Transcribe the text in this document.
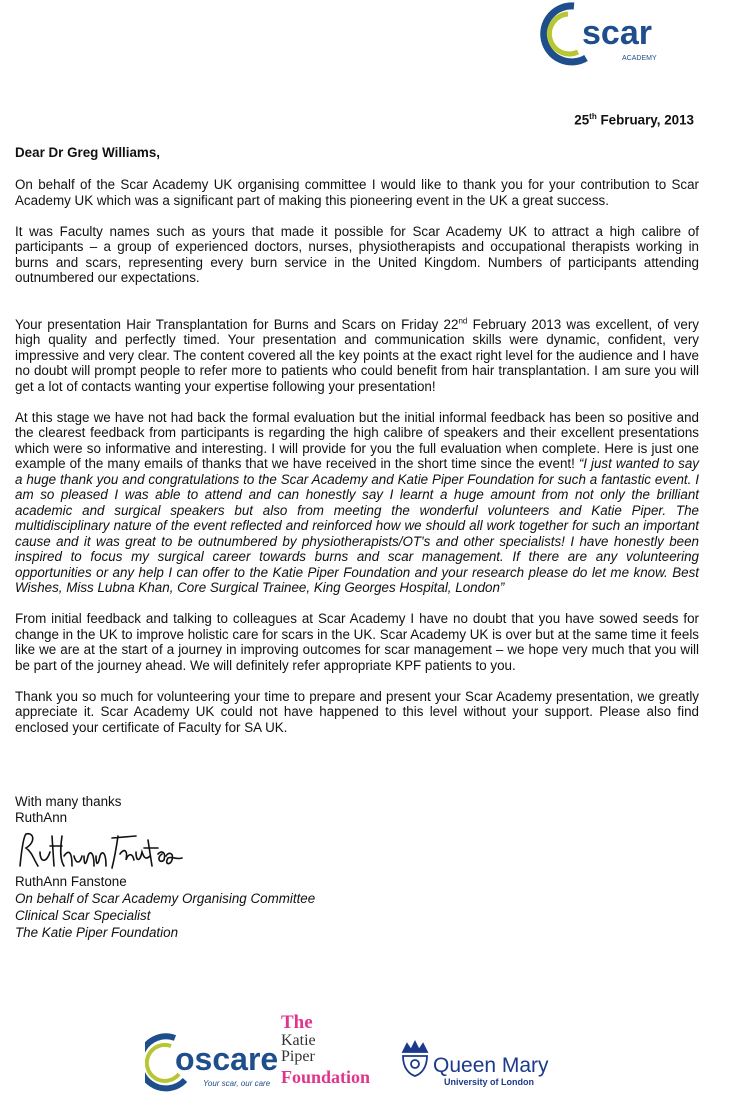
scar
ACADEMY
25th February, 2013
Dear Dr Greg Williams,

On behalf of the Scar Academy UK organising committee I would like to thank you for your contribution to Scar Academy UK which was a significant part of making this pioneering event in the UK a great success.

It was Faculty names such as yours that made it possible for Scar Academy UK to attract a high calibre of participants – a group of experienced doctors, nurses, physiotherapists and occupational therapists working in burns and scars, representing every burn service in the United Kingdom. Numbers of participants attending outnumbered our expectations.

Your presentation Hair Transplantation for Burns and Scars on Friday 22nd February 2013 was excellent, of very high quality and perfectly timed. Your presentation and communication skills were dynamic, confident, very impressive and very clear. The content covered all the key points at the exact right level for the audience and I have no doubt will prompt people to refer more to patients who could benefit from hair transplantation. I am sure you will get a lot of contacts wanting your expertise following your presentation!

At this stage we have not had back the formal evaluation but the initial informal feedback has been so positive and the clearest feedback from participants is regarding the high calibre of speakers and their excellent presentations which were so informative and interesting. I will provide for you the full evaluation when complete. Here is just one example of the many emails of thanks that we have received in the short time since the event! “I just wanted to say a huge thank you and congratulations to the Scar Academy and Katie Piper Foundation for such a fantastic event. I am so pleased I was able to attend and can honestly say I learnt a huge amount from not only the brilliant academic and surgical speakers but also from meeting the wonderful volunteers and Katie Piper. The multidisciplinary nature of the event reflected and reinforced how we should all work together for such an important cause and it was great to be outnumbered by physiotherapists/OT's and other specialists! I have honestly been inspired to focus my surgical career towards burns and scar management. If there are any volunteering opportunities or any help I can offer to the Katie Piper Foundation and your research please do let me know. Best Wishes, Miss Lubna Khan, Core Surgical Trainee, King Georges Hospital, London”

From initial feedback and talking to colleagues at Scar Academy I have no doubt that you have sowed seeds for change in the UK to improve holistic care for scars in the UK. Scar Academy UK is over but at the same time it feels like we are at the start of a journey in improving outcomes for scar management – we hope very much that you will be part of the journey ahead. We will definitely refer appropriate KPF patients to you.

Thank you so much for volunteering your time to prepare and present your Scar Academy presentation, we greatly appreciate it. Scar Academy UK could not have happened to this level without your support. Please also find enclosed your certificate of Faculty for SA UK.

With many thanks
RuthAnn
RuthAnn Fanstone
On behalf of Scar Academy Organising Committee
Clinical Scar Specialist
The Katie Piper Foundation
oscare
Your scar, our care
The
Katie
Piper
Foundation	Queen Mary
University of London
